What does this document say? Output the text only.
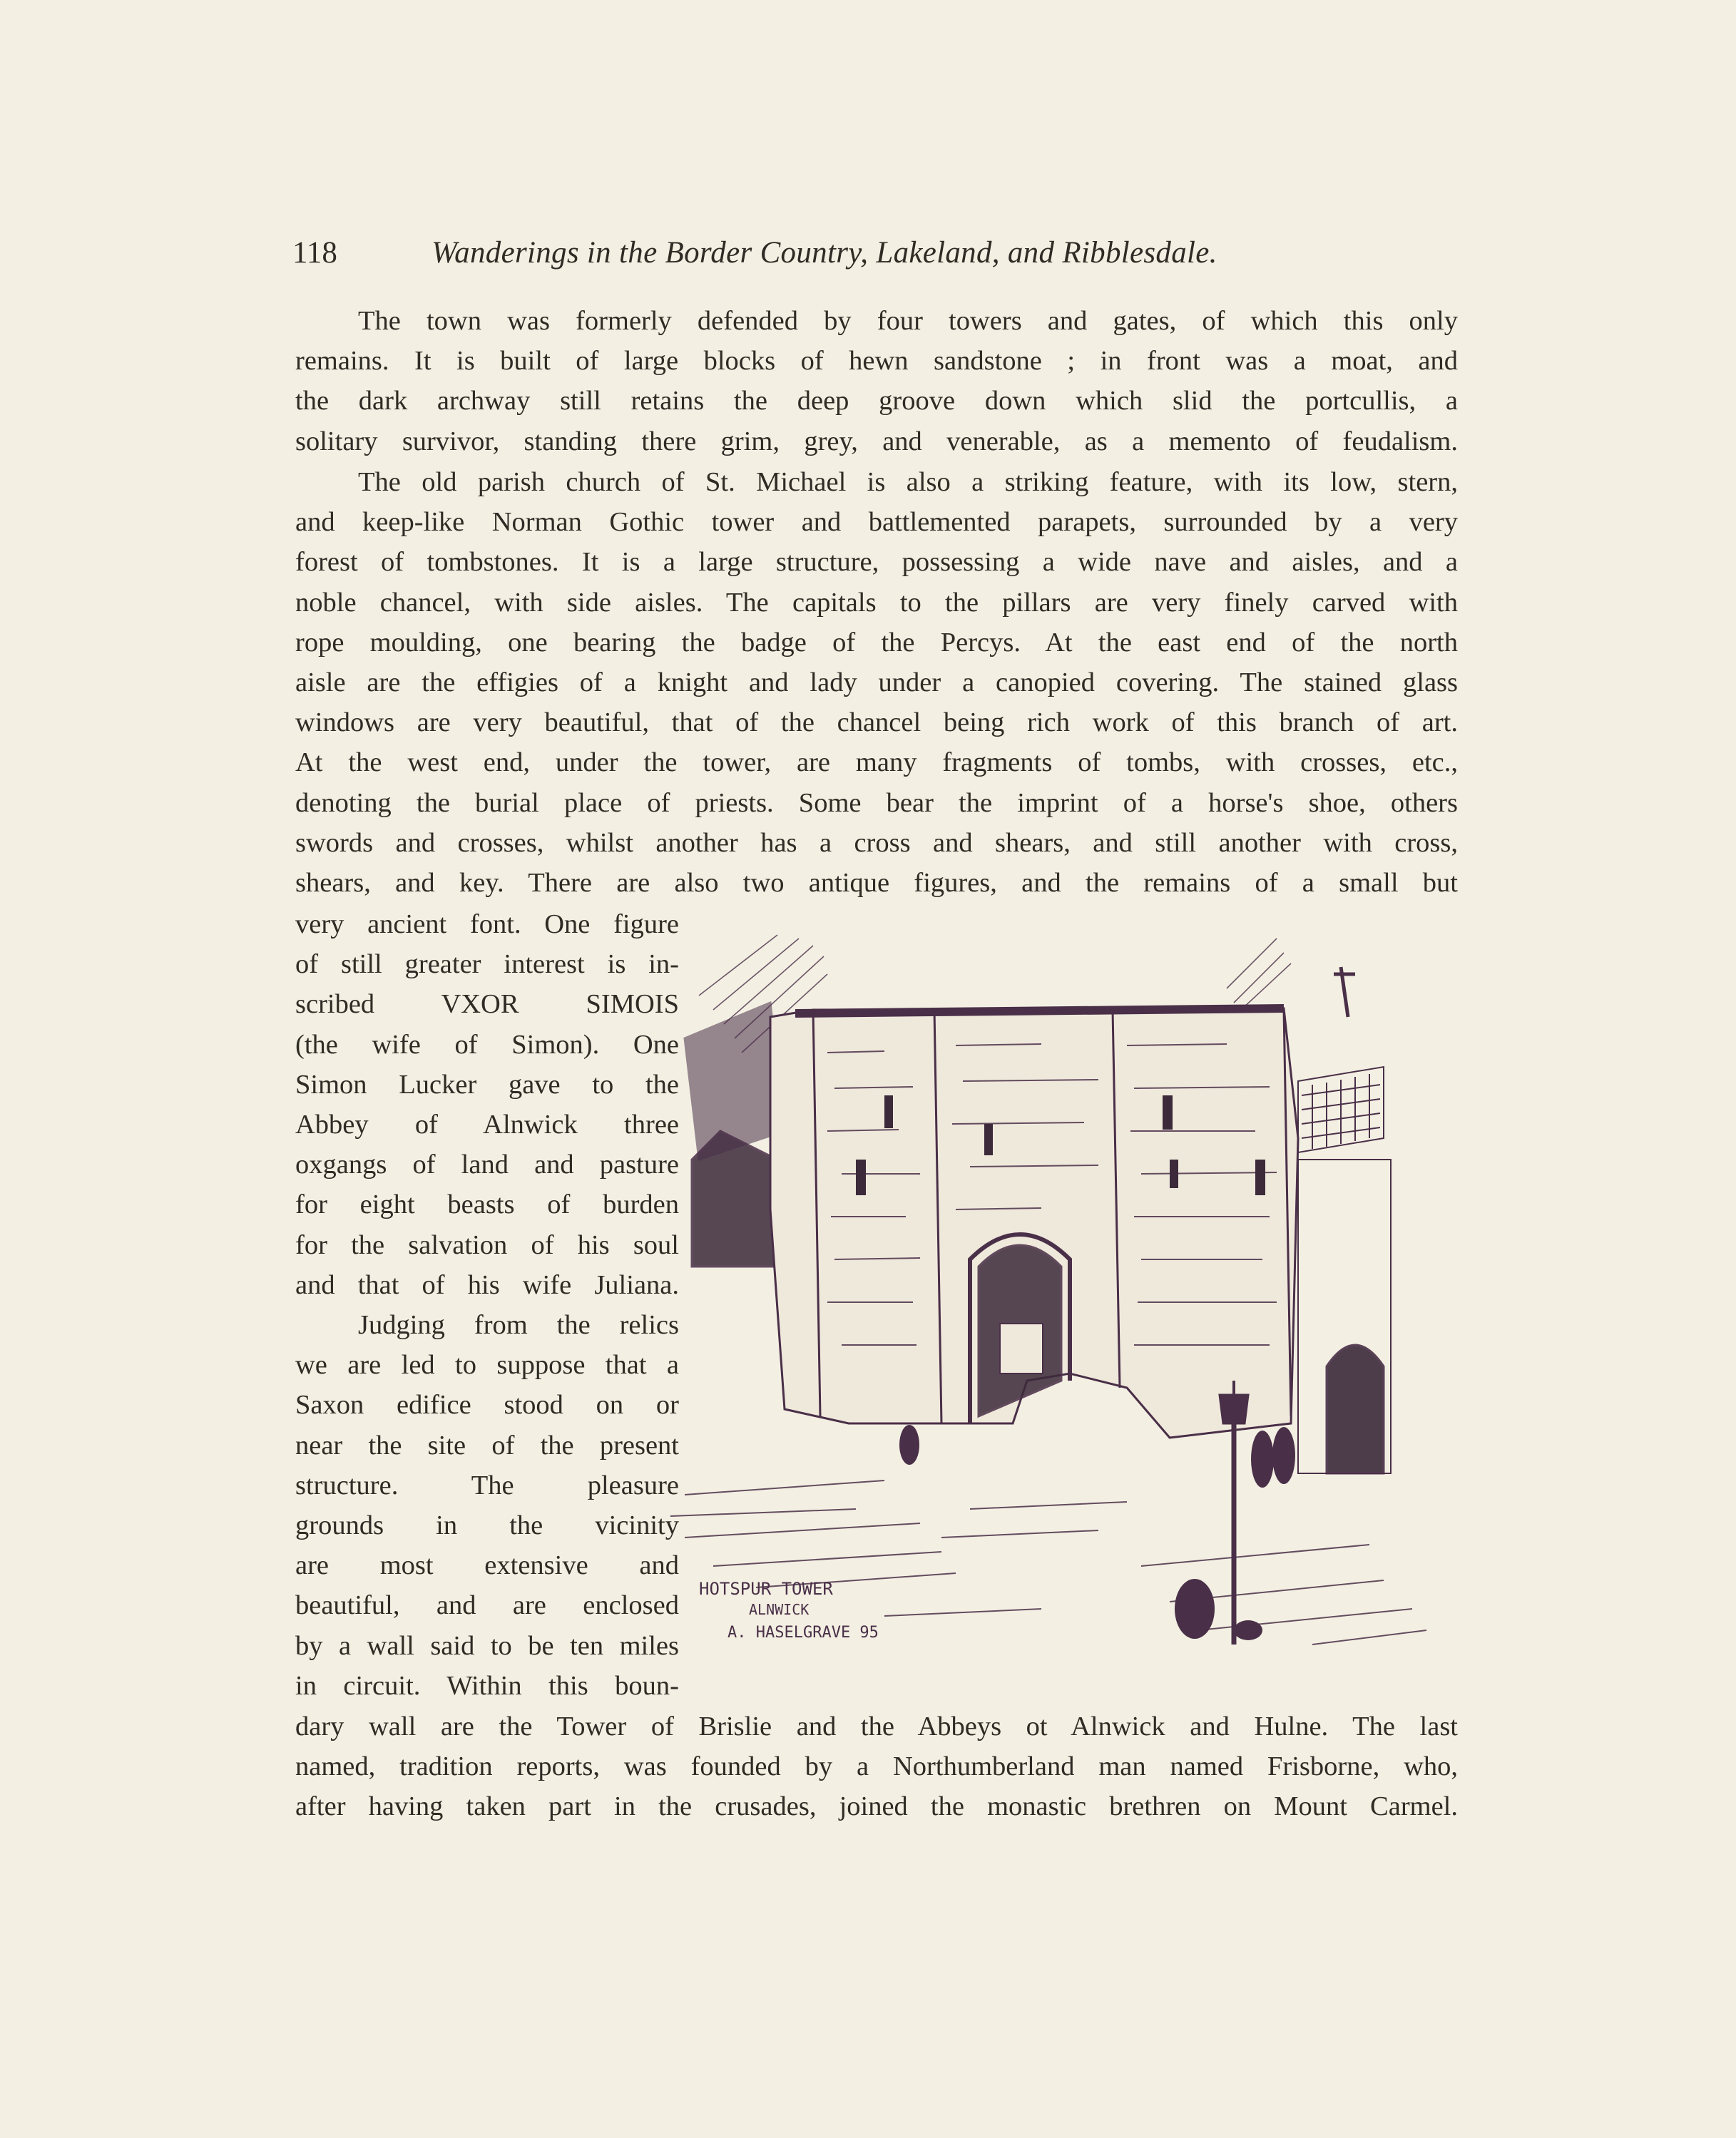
118	Wanderings in the Border Country, Lakeland, and Ribblesdale.
The town was formerly defended by four towers and gates, of which this only
remains. It is built of large blocks of hewn sandstone ; in front was a moat, and
the dark archway still retains the deep groove down which slid the portcullis, a
solitary survivor, standing there grim, grey, and venerable, as a memento of feudalism.
The old parish church of St. Michael is also a striking feature, with its low, stern,
and keep-like Norman Gothic tower and battlemented parapets, surrounded by a very
forest of tombstones. It is a large structure, possessing a wide nave and aisles, and a
noble chancel, with side aisles. The capitals to the pillars are very finely carved with
rope moulding, one bearing the badge of the Percys. At the east end of the north
aisle are the effigies of a knight and lady under a canopied covering. The stained glass
windows are very beautiful, that of the chancel being rich work of this branch of art.
At the west end, under the tower, are many fragments of tombs, with crosses, etc.,
denoting the burial place of priests. Some bear the imprint of a horse's shoe, others
swords and crosses, whilst another has a cross and shears, and still another with cross,
shears, and key. There are also two antique figures, and the remains of a small but
very ancient font. One figure
of still greater interest is in-
scribed VXOR SIMOIS
(the wife of Simon). One
Simon Lucker gave to the
Abbey of Alnwick three
oxgangs of land and pasture
for eight beasts of burden
for the salvation of his soul
and that of his wife Juliana.
Judging from the relics
we are led to suppose that a
Saxon edifice stood on or
near the site of the present
structure. The pleasure
grounds in the vicinity
are most extensive and
beautiful, and are enclosed
by a wall said to be ten miles
in circuit. Within this boun-
HOTSPUR TOWER
ALNWICK
A. HASELGRAVE 95
dary wall are the Tower of Brislie and the Abbeys ot Alnwick and Hulne. The last
named, tradition reports, was founded by a Northumberland man named Frisborne, who,
after having taken part in the crusades, joined the monastic brethren on Mount Carmel.
